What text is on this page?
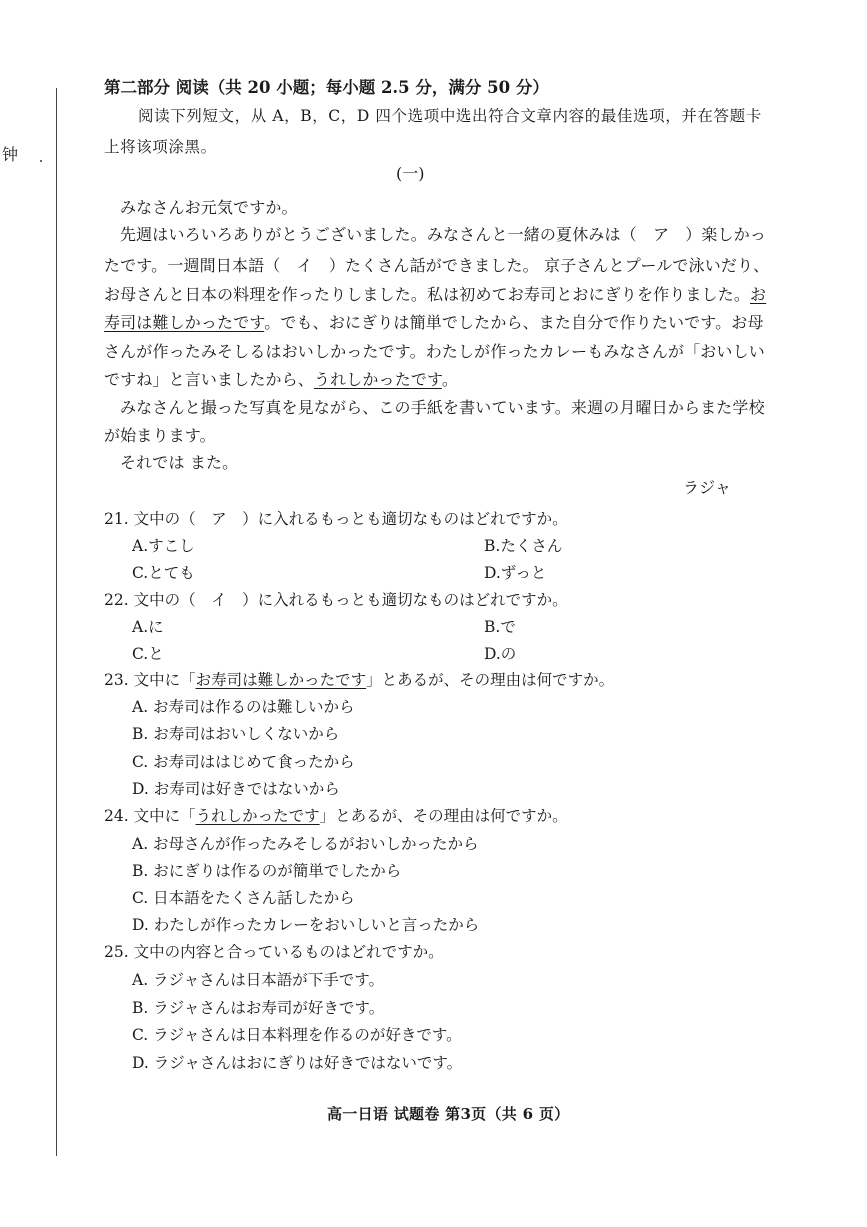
钟
第二部分 阅读（共 20 小题；每小题 2.5 分，满分 50 分）
阅读下列短文，从 A，B，C，D 四个选项中选出符合文章内容的最佳选项，并在答题卡
上将该项涂黑。
(一)
みなさんお元気ですか。
先週はいろいろありがとうございました。みなさんと一緒の夏休みは（　ア　）楽しかっ
たです。一週間日本語（　イ　）たくさん話ができました。 京子さんとプールで泳いだり、
お母さんと日本の料理を作ったりしました。私は初めてお寿司とおにぎりを作りました。お
寿司は難しかったです。でも、おにぎりは簡単でしたから、また自分で作りたいです。お母
さんが作ったみそしるはおいしかったです。わたしが作ったカレーもみなさんが「おいしい
ですね」と言いましたから、うれしかったです。
みなさんと撮った写真を見ながら、この手紙を書いています。来週の月曜日からまた学校
が始まります。
それでは また。
ラジャ
21. 文中の（　ア　）に入れるもっとも適切なものはどれですか。
A.すこし	B.たくさん
C.とても	D.ずっと
22. 文中の（　イ　）に入れるもっとも適切なものはどれですか。
A.に	B.で
C.と	D.の
23. 文中に「お寿司は難しかったです」とあるが、その理由は何ですか。
A. お寿司は作るのは難しいから
B. お寿司はおいしくないから
C. お寿司ははじめて食ったから
D. お寿司は好きではないから
24. 文中に「うれしかったです」とあるが、その理由は何ですか。
A. お母さんが作ったみそしるがおいしかったから
B. おにぎりは作るのが簡単でしたから
C. 日本語をたくさん話したから
D. わたしが作ったカレーをおいしいと言ったから
25. 文中の内容と合っているものはどれですか。
A. ラジャさんは日本語が下手です。
B. ラジャさんはお寿司が好きです。
C. ラジャさんは日本料理を作るのが好きです。
D. ラジャさんはおにぎりは好きではないです。
高一日语 试题卷 第3页（共 6 页）
